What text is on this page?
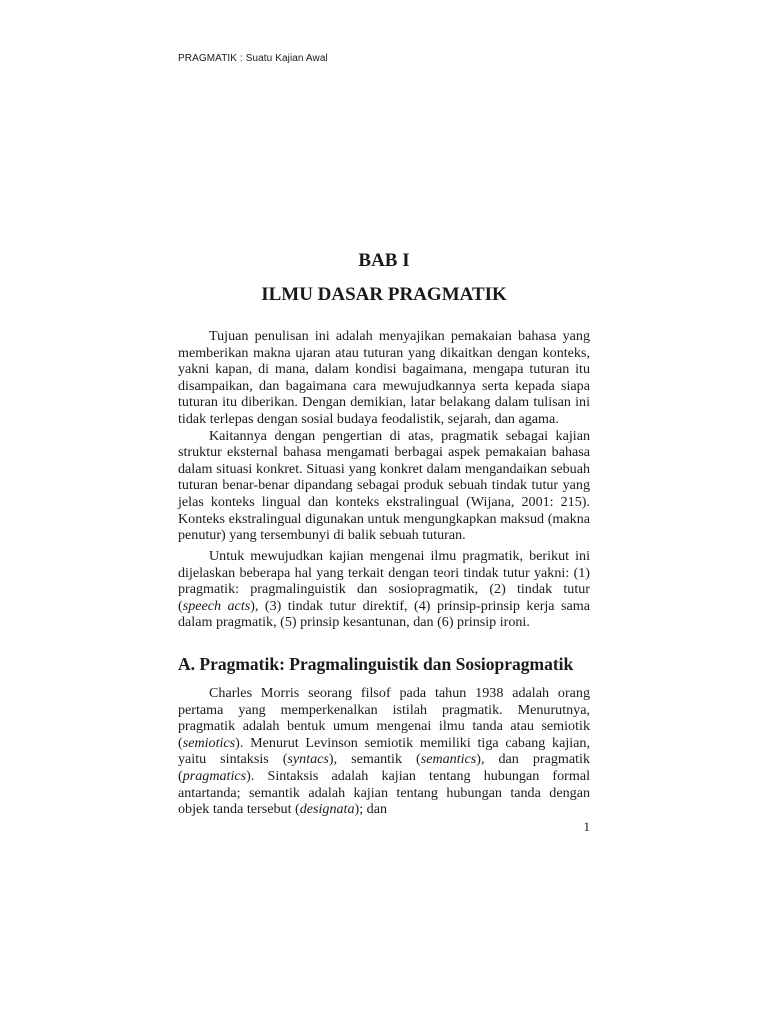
PRAGMATIK : Suatu Kajian Awal
BAB I
ILMU DASAR PRAGMATIK

Tujuan penulisan ini adalah menyajikan pemakaian bahasa yang memberikan makna ujaran atau tuturan yang dikaitkan dengan konteks, yakni kapan, di mana, dalam kondisi bagaimana, mengapa tuturan itu disampaikan, dan bagaimana cara mewujudkannya serta kepada siapa tuturan itu diberikan. Dengan demikian, latar belakang dalam tulisan ini tidak terlepas dengan sosial budaya feodalistik, sejarah, dan agama.

Kaitannya dengan pengertian di atas, pragmatik sebagai kajian struktur eksternal bahasa mengamati berbagai aspek pemakaian bahasa dalam situasi konkret. Situasi yang konkret dalam mengandaikan sebuah tuturan benar-benar dipandang sebagai produk sebuah tindak tutur yang jelas konteks lingual dan konteks ekstralingual (Wijana, 2001: 215). Konteks ekstralingual digunakan untuk mengungkapkan maksud (makna penutur) yang tersembunyi di balik sebuah tuturan.

Untuk mewujudkan kajian mengenai ilmu pragmatik, berikut ini dijelaskan beberapa hal yang terkait dengan teori tindak tutur yakni: (1) pragmatik: pragmalinguistik dan sosiopragmatik, (2) tindak tutur (speech acts), (3) tindak tutur direktif, (4) prinsip-prinsip kerja sama dalam pragmatik, (5) prinsip kesantunan, dan (6) prinsip ironi.

A. Pragmatik: Pragmalinguistik dan Sosiopragmatik

Charles Morris seorang filsof pada tahun 1938 adalah orang pertama yang memperkenalkan istilah pragmatik. Menurutnya, pragmatik adalah bentuk umum mengenai ilmu tanda atau semiotik (semiotics). Menurut Levinson semiotik memiliki tiga cabang kajian, yaitu sintaksis (syntacs), semantik (semantics), dan pragmatik (pragmatics). Sintaksis adalah kajian tentang hubungan formal antartanda; semantik adalah kajian tentang hubungan tanda dengan objek tanda tersebut (designata); dan

1
